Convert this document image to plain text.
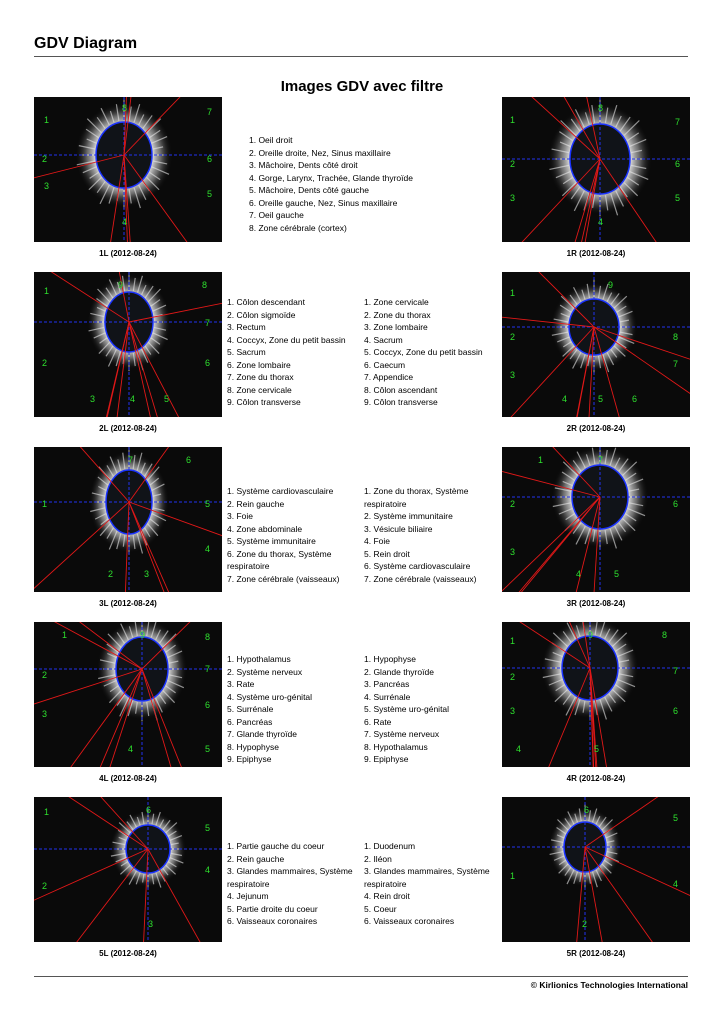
GDV Diagram
Images GDV avec filtre
8	7
1
6
2
3
5
4
1L (2012-08-24)
1. Oeil droit
2. Oreille droite, Nez, Sinus maxillaire
3. Mâchoire, Dents côté droit
4. Gorge, Larynx, Trachée, Glande thyroïde
5. Mâchoire, Dents côté gauche
6. Oreille gauche, Nez, Sinus maxillaire
7. Oeil gauche
8. Zone cérébrale (cortex)
8
1	7
2	6
3	5
4
1R (2012-08-24)
9
1
8
7
2	6
3	4	5
2L (2012-08-24)
1. Côlon descendant
2. Côlon sigmoïde
3. Rectum
4. Coccyx, Zone du petit bassin
5. Sacrum
6. Zone lombaire
7. Zone du thorax
8. Zone cervicale
9. Côlon transverse
1. Zone cervicale
2. Zone du thorax
3. Zone lombaire
4. Sacrum
5. Coccyx, Zone du petit bassin
6. Caecum
7. Appendice
8. Côlon ascendant
9. Côlon transverse
9
1
2	8
7
3
4	5	6
2R (2012-08-24)
7	6
1	5
4
2	3
3L (2012-08-24)
1. Système cardiovasculaire
2. Rein gauche
3. Foie
4. Zone abdominale
5. Système immunitaire
6. Zone du thorax, Système respiratoire
7. Zone cérébrale (vaisseaux)
1. Zone du thorax, Système respiratoire
2. Système immunitaire
3. Vésicule biliaire
4. Foie
5. Rein droit
6. Système cardiovasculaire
7. Zone cérébrale (vaisseaux)
1	7
2	6
3
4	5
3R (2012-08-24)
1	9	8
2
7
3
6
4	5
4L (2012-08-24)
1. Hypothalamus
2. Système nerveux
3. Rate
4. Système uro-génital
5. Surrénale
6. Pancréas
7. Glande thyroïde
8. Hypophyse
9. Epiphyse
1. Hypophyse
2. Glande thyroïde
3. Pancréas
4. Surrénale
5. Système uro-génital
6. Rate
7. Système nerveux
8. Hypothalamus
9. Epiphyse
9
1
8
2
7
3	6
4	5
4R (2012-08-24)
6
1
5
2
4
3
5L (2012-08-24)
1. Partie gauche du coeur
2. Rein gauche
3. Glandes mammaires, Système respiratoire
4. Jejunum
5. Partie droite du coeur
6. Vaisseaux coronaires
1. Duodenum
2. Iléon
3. Glandes mammaires, Système respiratoire
4. Rein droit
5. Coeur
6. Vaisseaux coronaires
6
5
1
4
2
5R (2012-08-24)
© Kirlionics Technologies International
